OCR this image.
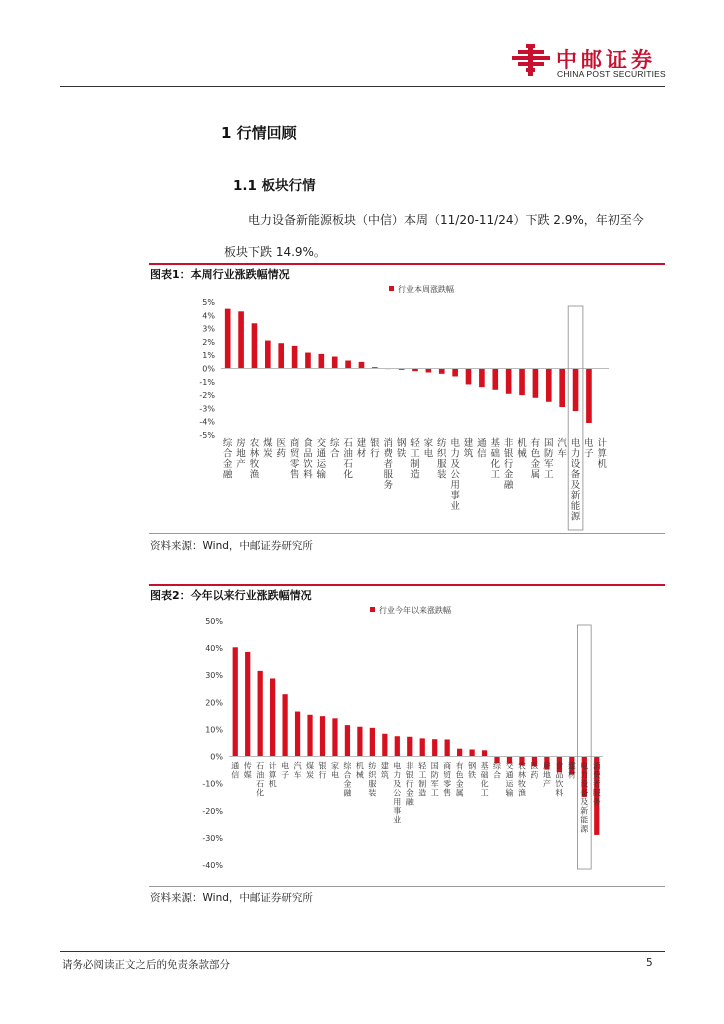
中邮证券
CHINA POST SECURITIES
1 行情回顾
1.1 板块行情
电力设备新能源板块（中信）本周（11/20-11/24）下跌 2.9%，年初至今
板块下跌 14.9%。
图表1：本周行业涨跌幅情况
行业本周涨跌幅
5%
4%
3%
2%
1%
0%
-1%
-2%
-3%
-4%
-5%
综合金融
房地产
农林牧渔
煤炭
医药
商贸零售
食品饮料
交通运输
综合
石油石化
建材
银行
消费者服务
钢铁
轻工制造
家电
纺织服装
电力及公用事业
建筑
通信
基础化工
非银行金融
机械
有色金属
国防军工
汽车
电力设备及新能源
电子
计算机
资料来源：Wind，中邮证券研究所
图表2：今年以来行业涨跌幅情况
行业今年以来涨跌幅
50%
40%
30%
20%
10%
0%
-10%
-20%
-30%
-40%
通信
传媒
石油石化
计算机
电子
汽车
煤炭
银行
家电
综合金融
机械
纺织服装
建筑
电力及公用事业
非银行金融
轻工制造
国防军工
商贸零售
有色金属
钢铁
基础化工
综合
交通运输
农林牧渔
医药
房地产
食品饮料
建材
电力设备及新能源
消费者服务
资料来源：Wind，中邮证券研究所
请务必阅读正文之后的免责条款部分	5
